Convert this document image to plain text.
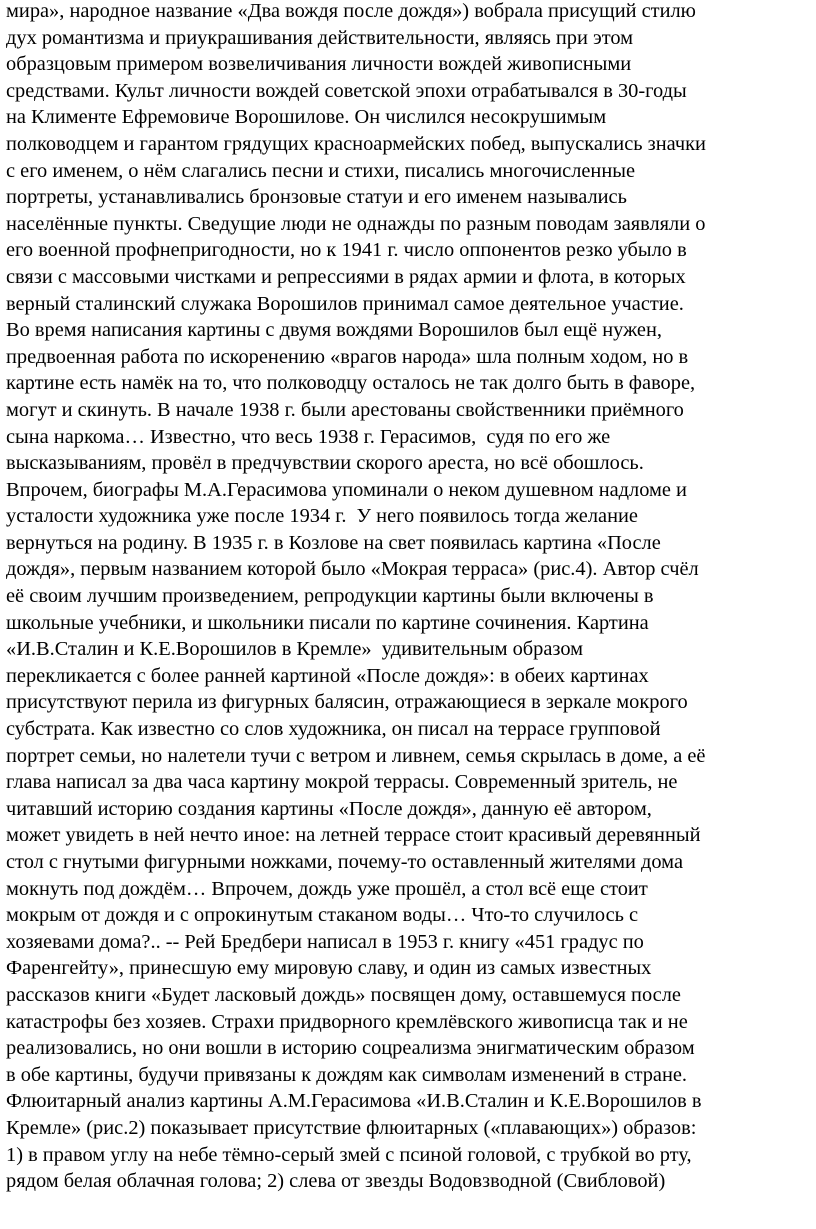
мира», народное название «Два вождя после дождя») вобрала присущий стилю
дух романтизма и приукрашивания действительности, являясь при этом
образцовым примером возвеличивания личности вождей живописными
средствами. Культ личности вождей советской эпохи отрабатывался в 30-годы
на Клименте Ефремовиче Ворошилове. Он числился несокрушимым
полководцем и гарантом грядущих красноармейских побед, выпускались значки
с его именем, о нём слагались песни и стихи, писались многочисленные
портреты, устанавливались бронзовые статуи и его именем назывались
населённые пункты. Сведущие люди не однажды по разным поводам заявляли о
его военной профнепригодности, но к 1941 г. число оппонентов резко убыло в
связи с массовыми чистками и репрессиями в рядах армии и флота, в которых
верный сталинский служака Ворошилов принимал самое деятельное участие.
Во время написания картины с двумя вождями Ворошилов был ещё нужен,
предвоенная работа по искоренению «врагов народа» шла полным ходом, но в
картине есть намёк на то, что полководцу осталось не так долго быть в фаворе,
могут и скинуть. В начале 1938 г. были арестованы свойственники приёмного
сына наркома… Известно, что весь 1938 г. Герасимов,  судя по его же
высказываниям, провёл в предчувствии скорого ареста, но всё обошлось.
Впрочем, биографы М.А.Герасимова упоминали о неком душевном надломе и
усталости художника уже после 1934 г.  У него появилось тогда желание
вернуться на родину. В 1935 г. в Козлове на свет появилась картина «После
дождя», первым названием которой было «Мокрая терраса» (рис.4). Автор счёл
её своим лучшим произведением, репродукции картины были включены в
школьные учебники, и школьники писали по картине сочинения. Картина
«И.В.Сталин и К.Е.Ворошилов в Кремле»  удивительным образом
перекликается с более ранней картиной «После дождя»: в обеих картинах
присутствуют перила из фигурных балясин, отражающиеся в зеркале мокрого
субстрата. Как известно со слов художника, он писал на террасе групповой
портрет семьи, но налетели тучи с ветром и ливнем, семья скрылась в доме, а её
глава написал за два часа картину мокрой террасы. Современный зритель, не
читавший историю создания картины «После дождя», данную её автором,
может увидеть в ней нечто иное: на летней террасе стоит красивый деревянный
стол с гнутыми фигурными ножками, почему-то оставленный жителями дома
мокнуть под дождём… Впрочем, дождь уже прошёл, а стол всё еще стоит
мокрым от дождя и с опрокинутым стаканом воды… Что-то случилось с
хозяевами дома?.. -- Рей Бредбери написал в 1953 г. книгу «451 градус по
Фаренгейту», принесшую ему мировую славу, и один из самых известных
рассказов книги «Будет ласковый дождь» посвящен дому, оставшемуся после
катастрофы без хозяев. Страхи придворного кремлёвского живописца так и не
реализовались, но они вошли в историю соцреализма энигматическим образом
в обе картины, будучи привязаны к дождям как символам изменений в стране.
Флюитарный анализ картины А.М.Герасимова «И.В.Сталин и К.Е.Ворошилов в
Кремле» (рис.2) показывает присутствие флюитарных («плавающих») образов:
1) в правом углу на небе тёмно-серый змей с псиной головой, с трубкой во рту,
рядом белая облачная голова; 2) слева от звезды Водовзводной (Свибловой)
